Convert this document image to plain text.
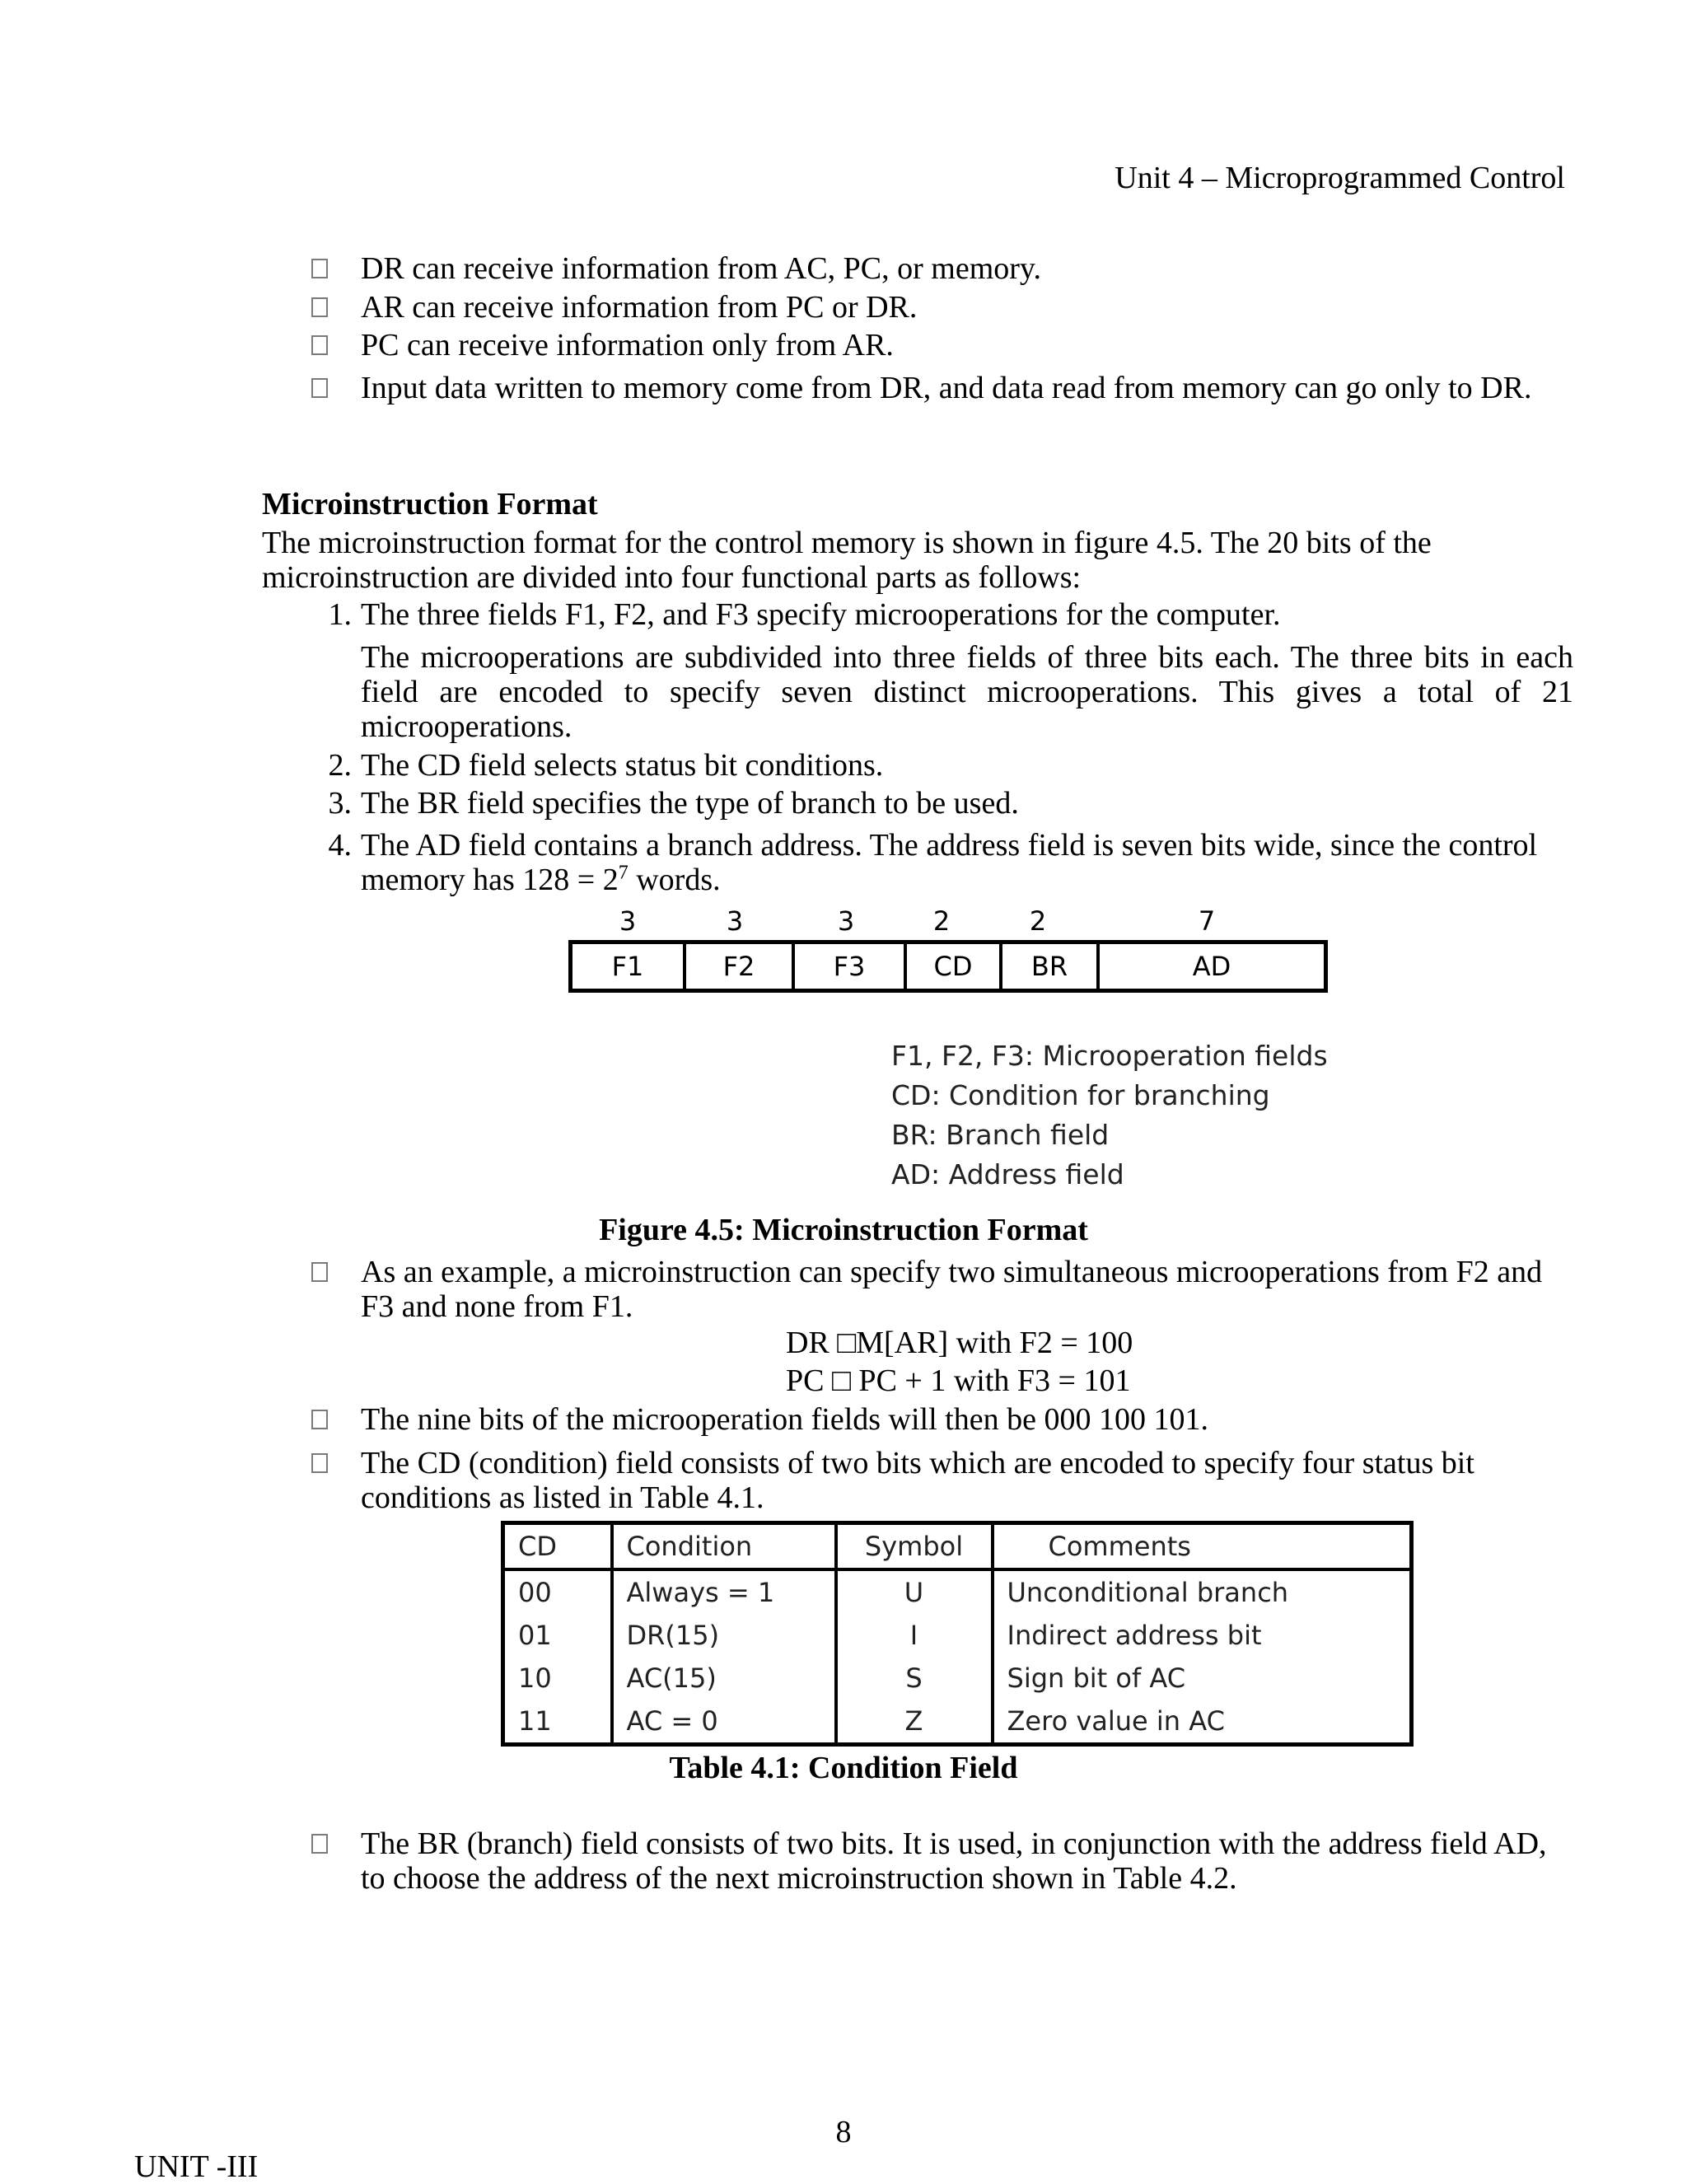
Unit 4 – Microprogrammed Control
DR can receive information from AC, PC, or memory.
AR can receive information from PC or DR.
PC can receive information only from AR.
Input data written to memory come from DR, and data read from memory can go only to DR.
Microinstruction Format
The microinstruction format for the control memory is shown in figure 4.5. The 20 bits of the microinstruction are divided into four functional parts as follows:
1. The three fields F1, F2, and F3 specify microoperations for the computer.
The microoperations are subdivided into three fields of three bits each. The three bits in each field are encoded to specify seven distinct microoperations. This gives a total of 21 microoperations.
2. The CD field selects status bit conditions.
3. The BR field specifies the type of branch to be used.
4. The AD field contains a branch address. The address field is seven bits wide, since the control memory has $128 = 2^7$ words.
3	3	3	2	2	7
F1	F2	F3	CD	BR	AD
F1, F2, F3: Microoperation fields
CD: Condition for branching
BR: Branch field
AD: Address field
Figure 4.5: Microinstruction Format
As an example, a microinstruction can specify two simultaneous microoperations from F2 and F3 and none from F1.
DR □M[AR] with F2 = 100
PC □ PC + 1 with F3 = 101
The nine bits of the microoperation fields will then be 000 100 101.
The CD (condition) field consists of two bits which are encoded to specify four status bit conditions as listed in Table 4.1.
CD	Condition	Symbol	Comments
00	Always = 1	U	Unconditional branch
01	DR(15)	I	Indirect address bit
10	AC(15)	S	Sign bit of AC
11	AC = 0	Z	Zero value in AC
Table 4.1: Condition Field
The BR (branch) field consists of two bits. It is used, in conjunction with the address field AD, to choose the address of the next microinstruction shown in Table 4.2.
8
UNIT -III
